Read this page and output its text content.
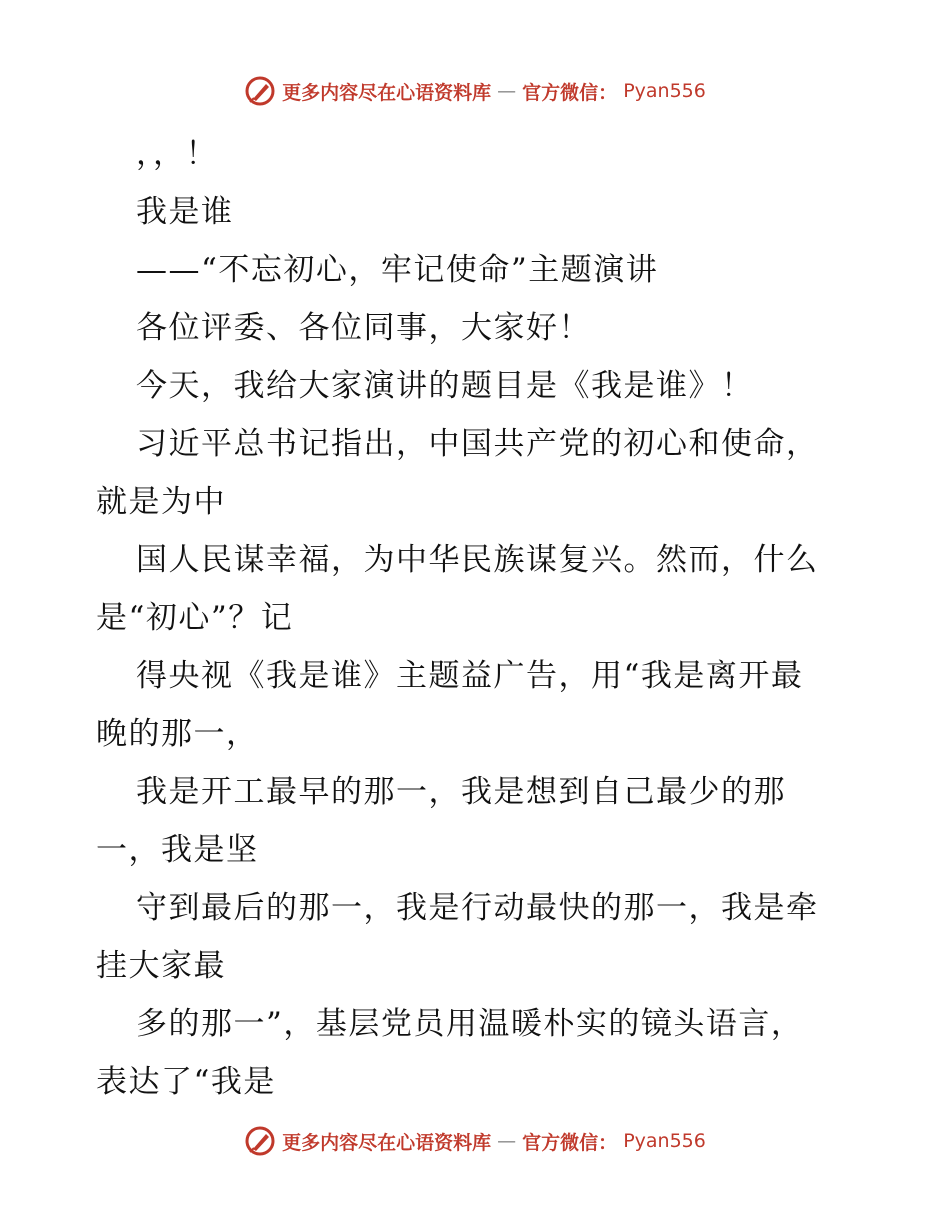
更多内容尽在心语资料库 — 官方微信： Pyan556
，，！
我是谁
——“不忘初心，牢记使命”主题演讲
各位评委、各位同事，大家好！
今天，我给大家演讲的题目是《我是谁》！
习近平总书记指出，中国共产党的初心和使命，
就是为中
国人民谋幸福，为中华民族谋复兴。然而，什么
是“初心”？记
得央视《我是谁》主题益广告，用“我是离开最
晚的那一，
我是开工最早的那一，我是想到自己最少的那
一，我是坚
守到最后的那一，我是行动最快的那一，我是牵
挂大家最
多的那一”，基层党员用温暖朴实的镜头语言，
表达了“我是
更多内容尽在心语资料库 — 官方微信： Pyan556
